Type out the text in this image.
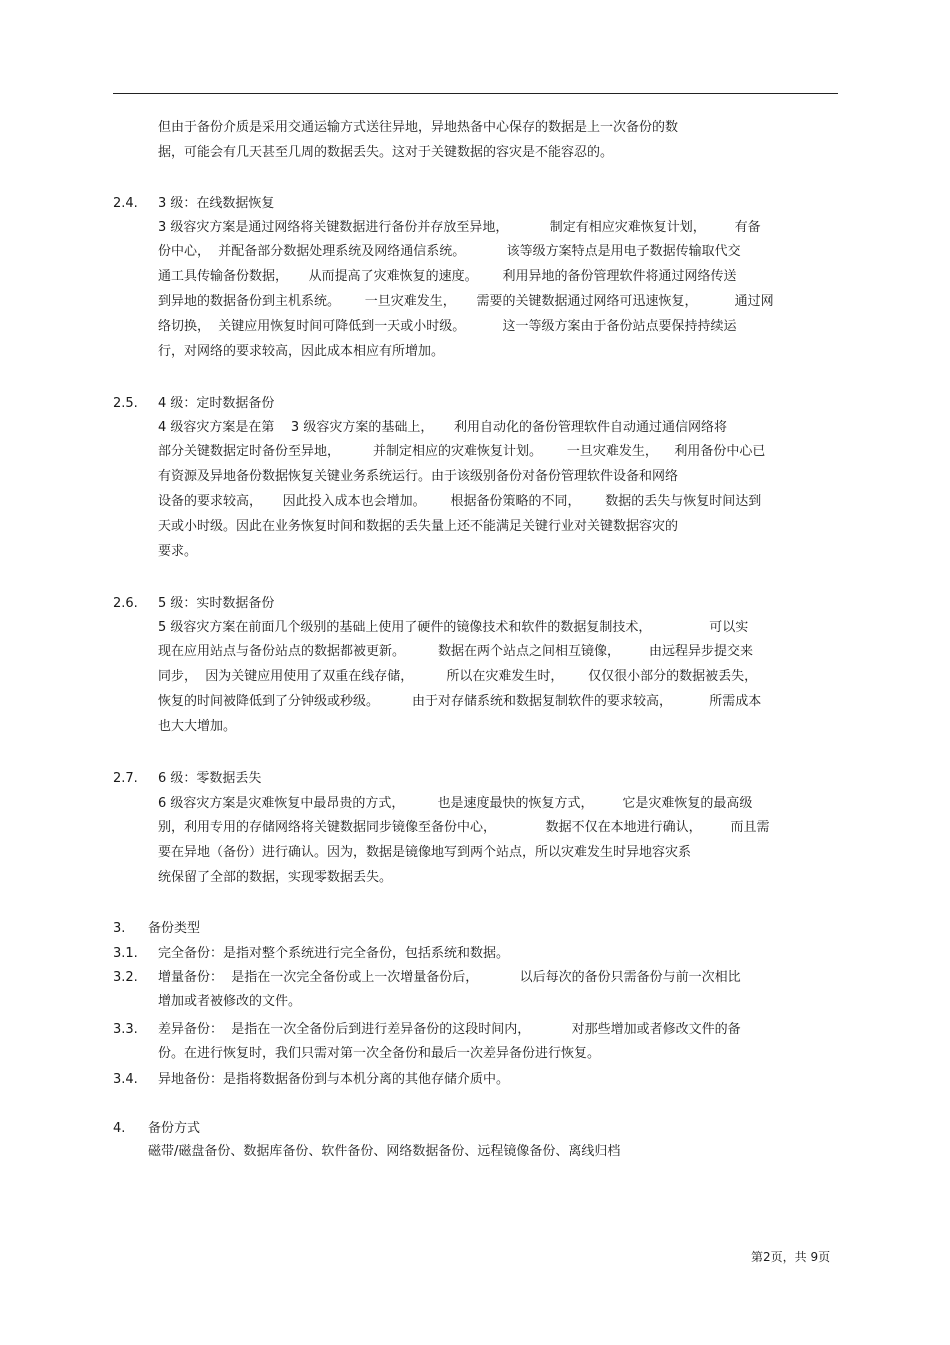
但由于备份介质是采用交通运输方式送往异地，异地热备中心保存的数据是上一次备份的数
据，可能会有几天甚至几周的数据丢失。这对于关键数据的容灾是不能容忍的。
2.4. 3 级：在线数据恢复
3 级容灾方案是通过网络将关键数据进行备份并存放至异地，          制定有相应灾难恢复计划，       有备
份中心，  并配备部分数据处理系统及网络通信系统。          该等级方案特点是用电子数据传输取代交
通工具传输备份数据，     从而提高了灾难恢复的速度。      利用异地的备份管理软件将通过网络传送
到异地的数据备份到主机系统。      一旦灾难发生，     需要的关键数据通过网络可迅速恢复，         通过网
络切换，  关键应用恢复时间可降低到一天或小时级。         这一等级方案由于备份站点要保持持续运
行，对网络的要求较高，因此成本相应有所增加。
2.5. 4 级：定时数据备份
4 级容灾方案是在第    3 级容灾方案的基础上，     利用自动化的备份管理软件自动通过通信网络将
部分关键数据定时备份至异地，        并制定相应的灾难恢复计划。      一旦灾难发生，    利用备份中心已
有资源及异地备份数据恢复关键业务系统运行。由于该级别备份对备份管理软件设备和网络
设备的要求较高，     因此投入成本也会增加。      根据备份策略的不同，      数据的丢失与恢复时间达到
天或小时级。因此在业务恢复时间和数据的丢失量上还不能满足关键行业对关键数据容灾的
要求。
2.6. 5 级：实时数据备份
5 级容灾方案在前面几个级别的基础上使用了硬件的镜像技术和软件的数据复制技术，              可以实
现在应用站点与备份站点的数据都被更新。        数据在两个站点之间相互镜像，       由远程异步提交来
同步，  因为关键应用使用了双重在线存储，        所以在灾难发生时，      仅仅很小部分的数据被丢失，
恢复的时间被降低到了分钟级或秒级。        由于对存储系统和数据复制软件的要求较高，         所需成本
也大大增加。
2.7. 6 级：零数据丢失
6 级容灾方案是灾难恢复中最昂贵的方式，        也是速度最快的恢复方式，       它是灾难恢复的最高级
别，利用专用的存储网络将关键数据同步镜像至备份中心，            数据不仅在本地进行确认，       而且需
要在异地（备份）进行确认。因为，数据是镜像地写到两个站点，所以灾难发生时异地容灾系
统保留了全部的数据，实现零数据丢失。
3. 备份类型
3.1. 完全备份：是指对整个系统进行完全备份，包括系统和数据。
3.2. 增量备份：  是指在一次完全备份或上一次增量备份后，          以后每次的备份只需备份与前一次相比
增加或者被修改的文件。
3.3. 差异备份：  是指在一次全备份后到进行差异备份的这段时间内，          对那些增加或者修改文件的备
份。在进行恢复时，我们只需对第一次全备份和最后一次差异备份进行恢复。
3.4. 异地备份：是指将数据备份到与本机分离的其他存储介质中。
4. 备份方式
磁带/磁盘备份、数据库备份、软件备份、网络数据备份、远程镜像备份、离线归档
第2页，共 9页
